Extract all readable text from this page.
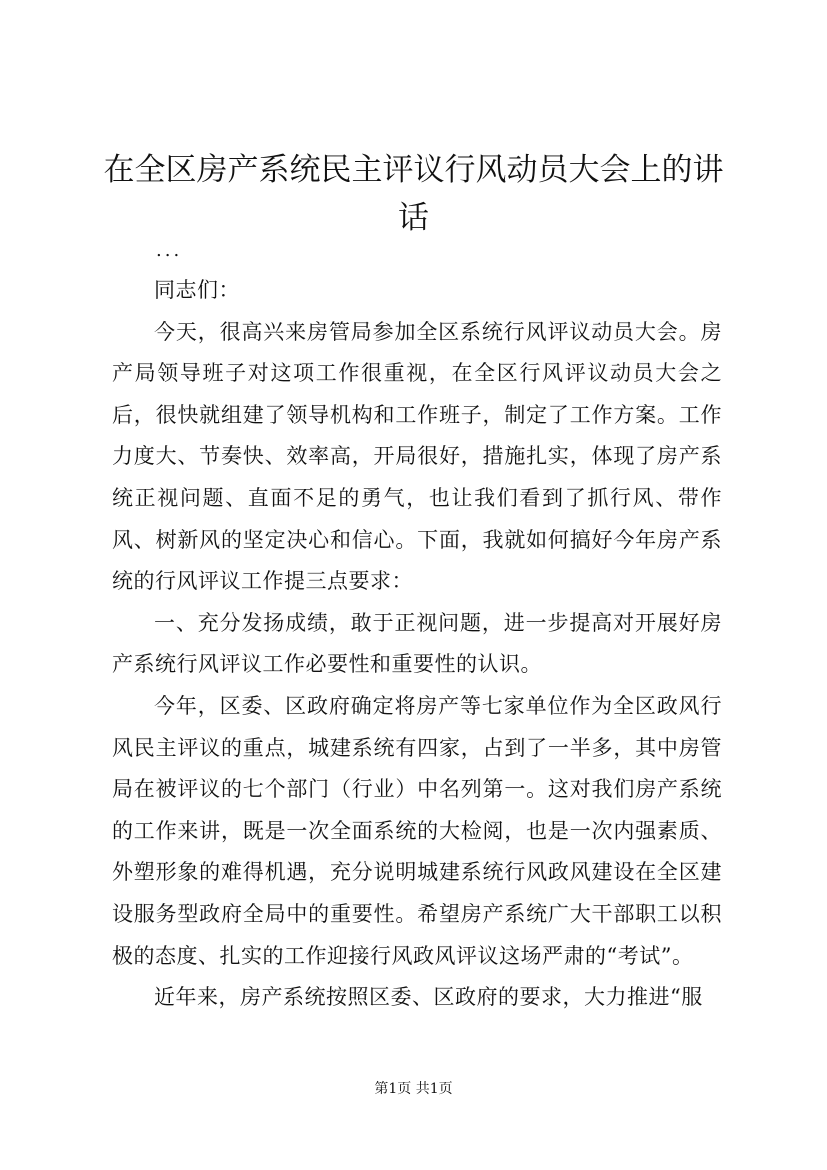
在全区房产系统民主评议行风动员大会上的讲话

...

同志们：

今天，很高兴来房管局参加全区系统行风评议动员大会。房产局领导班子对这项工作很重视，在全区行风评议动员大会之后，很快就组建了领导机构和工作班子，制定了工作方案。工作力度大、节奏快、效率高，开局很好，措施扎实，体现了房产系统正视问题、直面不足的勇气，也让我们看到了抓行风、带作风、树新风的坚定决心和信心。下面，我就如何搞好今年房产系统的行风评议工作提三点要求：

一、充分发扬成绩，敢于正视问题，进一步提高对开展好房产系统行风评议工作必要性和重要性的认识。

今年，区委、区政府确定将房产等七家单位作为全区政风行风民主评议的重点，城建系统有四家，占到了一半多，其中房管局在被评议的七个部门（行业）中名列第一。这对我们房产系统的工作来讲，既是一次全面系统的大检阅，也是一次内强素质、外塑形象的难得机遇，充分说明城建系统行风政风建设在全区建设服务型政府全局中的重要性。希望房产系统广大干部职工以积极的态度、扎实的工作迎接行风政风评议这场严肃的“考试”。

近年来，房产系统按照区委、区政府的要求，大力推进“服

第1页 共1页
